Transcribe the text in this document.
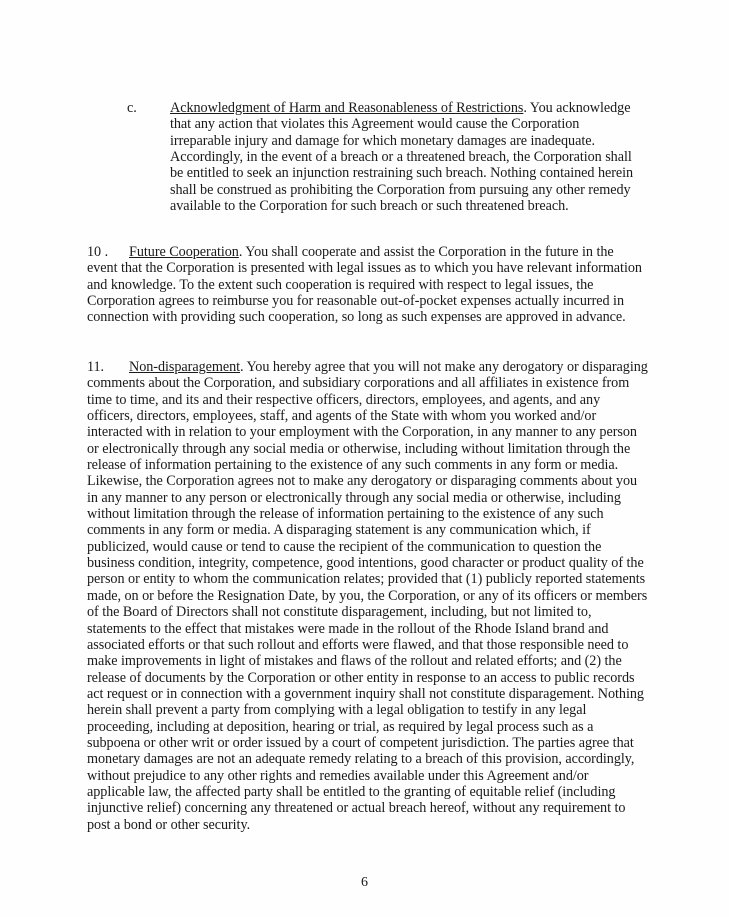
c. Acknowledgment of Harm and Reasonableness of Restrictions. You acknowledge that any action that violates this Agreement would cause the Corporation irreparable injury and damage for which monetary damages are inadequate. Accordingly, in the event of a breach or a threatened breach, the Corporation shall be entitled to seek an injunction restraining such breach. Nothing contained herein shall be construed as prohibiting the Corporation from pursuing any other remedy available to the Corporation for such breach or such threatened breach.
10 . Future Cooperation. You shall cooperate and assist the Corporation in the future in the event that the Corporation is presented with legal issues as to which you have relevant information and knowledge. To the extent such cooperation is required with respect to legal issues, the Corporation agrees to reimburse you for reasonable out-of-pocket expenses actually incurred in connection with providing such cooperation, so long as such expenses are approved in advance.
11. Non-disparagement. You hereby agree that you will not make any derogatory or disparaging comments about the Corporation, and subsidiary corporations and all affiliates in existence from time to time, and its and their respective officers, directors, employees, and agents, and any officers, directors, employees, staff, and agents of the State with whom you worked and/or interacted with in relation to your employment with the Corporation, in any manner to any person or electronically through any social media or otherwise, including without limitation through the release of information pertaining to the existence of any such comments in any form or media. Likewise, the Corporation agrees not to make any derogatory or disparaging comments about you in any manner to any person or electronically through any social media or otherwise, including without limitation through the release of information pertaining to the existence of any such comments in any form or media. A disparaging statement is any communication which, if publicized, would cause or tend to cause the recipient of the communication to question the business condition, integrity, competence, good intentions, good character or product quality of the person or entity to whom the communication relates; provided that (1) publicly reported statements made, on or before the Resignation Date, by you, the Corporation, or any of its officers or members of the Board of Directors shall not constitute disparagement, including, but not limited to, statements to the effect that mistakes were made in the rollout of the Rhode Island brand and associated efforts or that such rollout and efforts were flawed, and that those responsible need to make improvements in light of mistakes and flaws of the rollout and related efforts; and (2) the release of documents by the Corporation or other entity in response to an access to public records act request or in connection with a government inquiry shall not constitute disparagement. Nothing herein shall prevent a party from complying with a legal obligation to testify in any legal proceeding, including at deposition, hearing or trial, as required by legal process such as a subpoena or other writ or order issued by a court of competent jurisdiction. The parties agree that monetary damages are not an adequate remedy relating to a breach of this provision, accordingly, without prejudice to any other rights and remedies available under this Agreement and/or applicable law, the affected party shall be entitled to the granting of equitable relief (including injunctive relief) concerning any threatened or actual breach hereof, without any requirement to post a bond or other security.
6
